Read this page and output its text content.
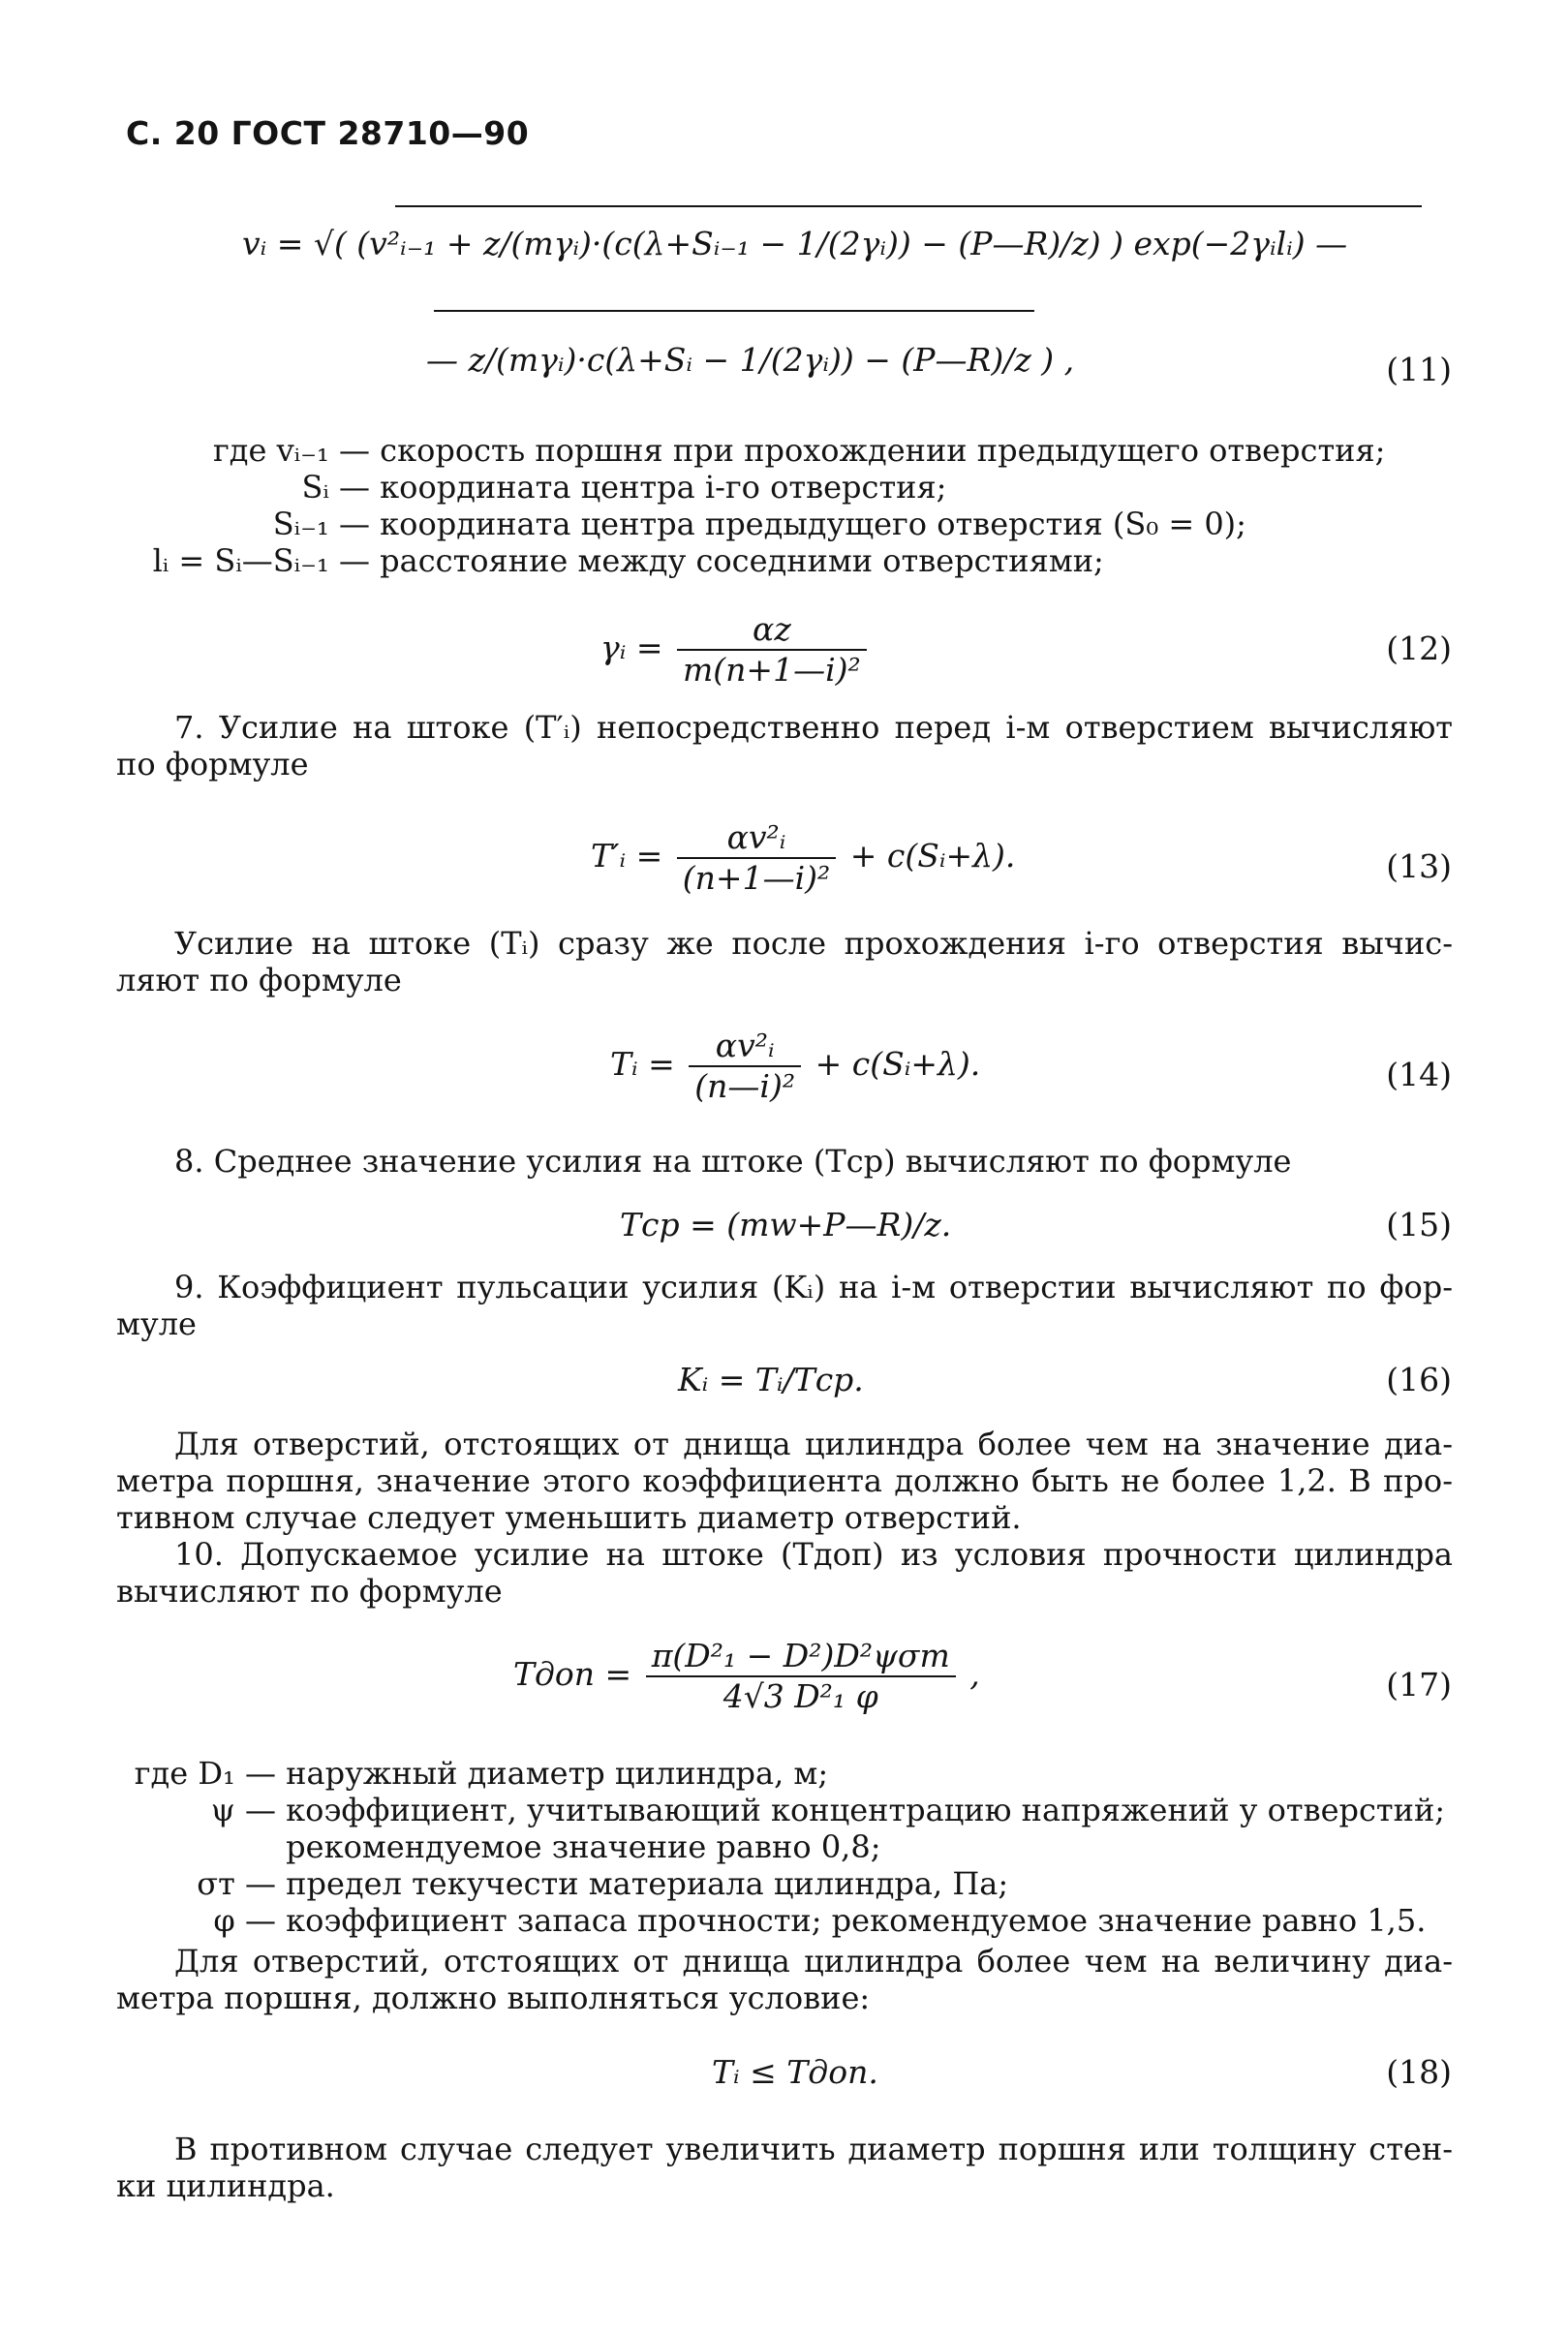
С. 20 ГОСТ 28710—90
vᵢ = √( (v²ᵢ₋₁ + z/(mγᵢ)·(c(λ+Sᵢ₋₁ − 1/(2γᵢ)) − (P—R)/z) ) exp(−2γᵢlᵢ) —
— z/(mγᵢ)·c(λ+Sᵢ − 1/(2γᵢ)) − (P—R)/z ) ,	(11)
где vᵢ₋₁ — скорость поршня при прохождении предыдущего отверстия;
Sᵢ — координата центра i-го отверстия;
Sᵢ₋₁ — координата центра предыдущего отверстия (S₀ = 0);
lᵢ = Sᵢ—Sᵢ₋₁ — расстояние между соседними отверстиями;
γᵢ = $\frac{\alpha z}{\text{m(n+1—i)²}}$	(12)
7. Усилие на штоке (T′ᵢ) непосредственно перед i-м отверстием вычисляют
по формуле
T′ᵢ = $\frac{\text{αv²ᵢ}}{\text{(n+1—i)²}}$ + c(Sᵢ+λ).	(13)
Усилие на штоке (Tᵢ) сразу же после прохождения i-го отверстия вычис-
ляют по формуле
Tᵢ = $\frac{\text{αv²ᵢ}}{\text{(n—i)²}}$ + c(Sᵢ+λ).	(14)
8. Среднее значение усилия на штоке (Tср) вычисляют по формуле
Tср = (mw+P—R)/z.	(15)
9. Коэффициент пульсации усилия (Kᵢ) на i-м отверстии вычисляют по фор-
муле
Kᵢ = Tᵢ/Tср.	(16)
Для отверстий, отстоящих от днища цилиндра более чем на значение диа-
метра поршня, значение этого коэффициента должно быть не более 1,2. В про-
тивном случае следует уменьшить диаметр отверстий.
10. Допускаемое усилие на штоке (Tдоп) из условия прочности цилиндра
вычисляют по формуле
Tдоп = $\frac{\text{π(D²₁ − D²)D²ψσт}}{\text{4√3 D²₁ φ}}$ ,	(17)
где D₁ — наружный диаметр цилиндра, м;
ψ — коэффициент, учитывающий концентрацию напряжений у отверстий;
рекомендуемое значение равно 0,8;
σт — предел текучести материала цилиндра, Па;
φ — коэффициент запаса прочности; рекомендуемое значение равно 1,5.
Для отверстий, отстоящих от днища цилиндра более чем на величину диа-
метра поршня, должно выполняться условие:
Tᵢ ≤ Tдоп.	(18)
В противном случае следует увеличить диаметр поршня или толщину стен-
ки цилиндра.
